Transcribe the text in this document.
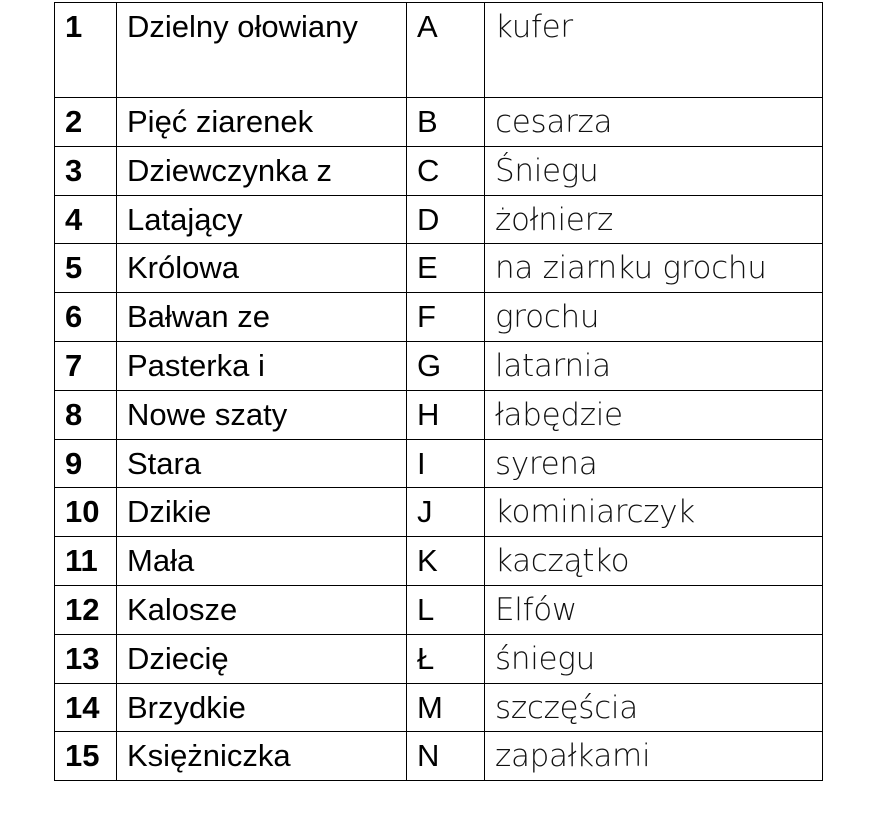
1	Dzielny ołowiany	A	kufer
2	Pięć ziarenek	B	cesarza
3	Dziewczynka z	C	Śniegu
4	Latający	D	żołnierz
5	Królowa	E	na ziarnku grochu
6	Bałwan ze	F	grochu
7	Pasterka i	G	latarnia
8	Nowe szaty	H	łabędzie
9	Stara	I	syrena
10	Dzikie	J	kominiarczyk
11	Mała	K	kaczątko
12	Kalosze	L	Elfów
13	Dziecię	Ł	śniegu
14	Brzydkie	M	szczęścia
15	Księżniczka	N	zapałkami
